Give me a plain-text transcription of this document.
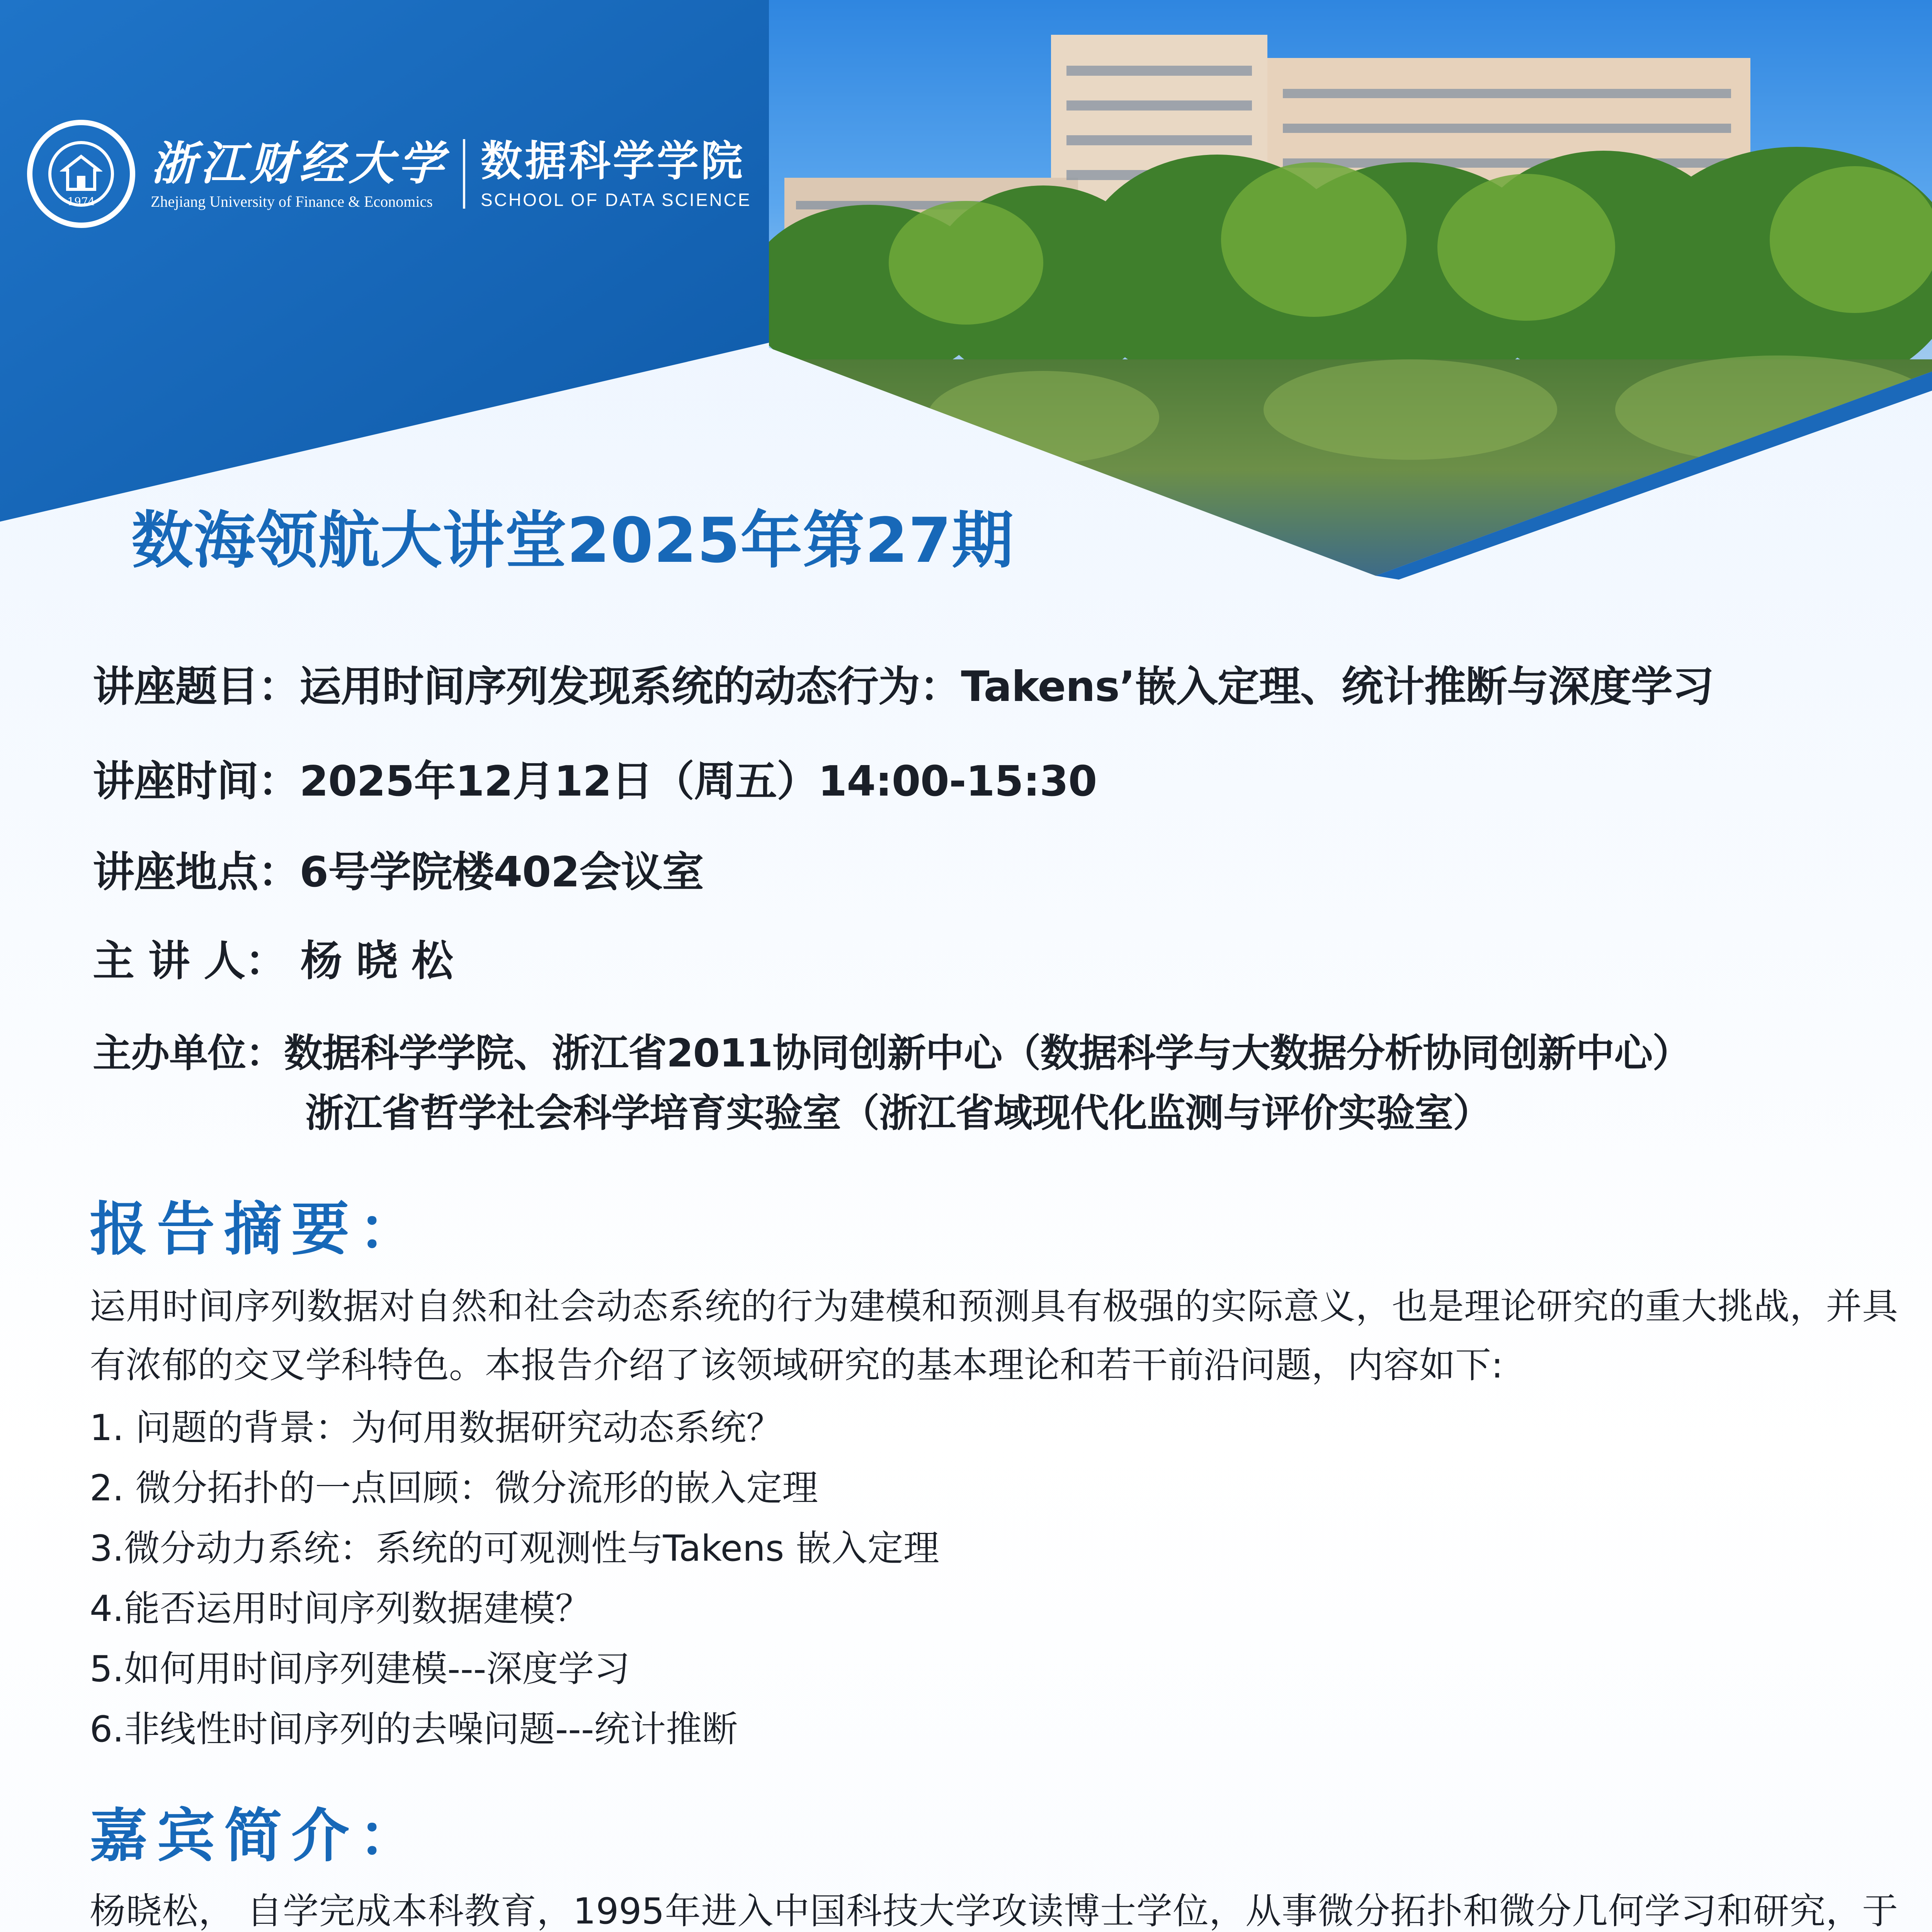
1974
浙江财经大学
Zhejiang University of Finance & Economics
数据科学学院
SCHOOL OF DATA SCIENCE
数海领航大讲堂2025年第27期
讲座题目：运用时间序列发现系统的动态行为：Takens’嵌入定理、统计推断与深度学习
讲座时间：2025年12月12日（周五）14:00-15:30
讲座地点：6号学院楼402会议室
主 讲 人： 杨 晓 松
主办单位：数据科学学院、浙江省2011协同创新中心（数据科学与大数据分析协同创新中心）
浙江省哲学社会科学培育实验室（浙江省域现代化监测与评价实验室）
报告摘要：
运用时间序列数据对自然和社会动态系统的行为建模和预测具有极强的实际意义，也是理论研究的重大挑战，并具有浓郁的交叉学科特色。本报告介绍了该领域研究的基本理论和若干前沿问题，内容如下:
1. 问题的背景：为何用数据研究动态系统？
2. 微分拓扑的一点回顾：微分流形的嵌入定理
3.微分动力系统：系统的可观测性与Takens 嵌入定理
4.能否运用时间序列数据建模？
5.如何用时间序列建模---深度学习
6.非线性时间序列的去噪问题---统计推断
嘉宾简介：
杨晓松， 自学完成本科教育，1995年进入中国科技大学攻读博士学位，从事微分拓扑和微分几何学习和研究，于
